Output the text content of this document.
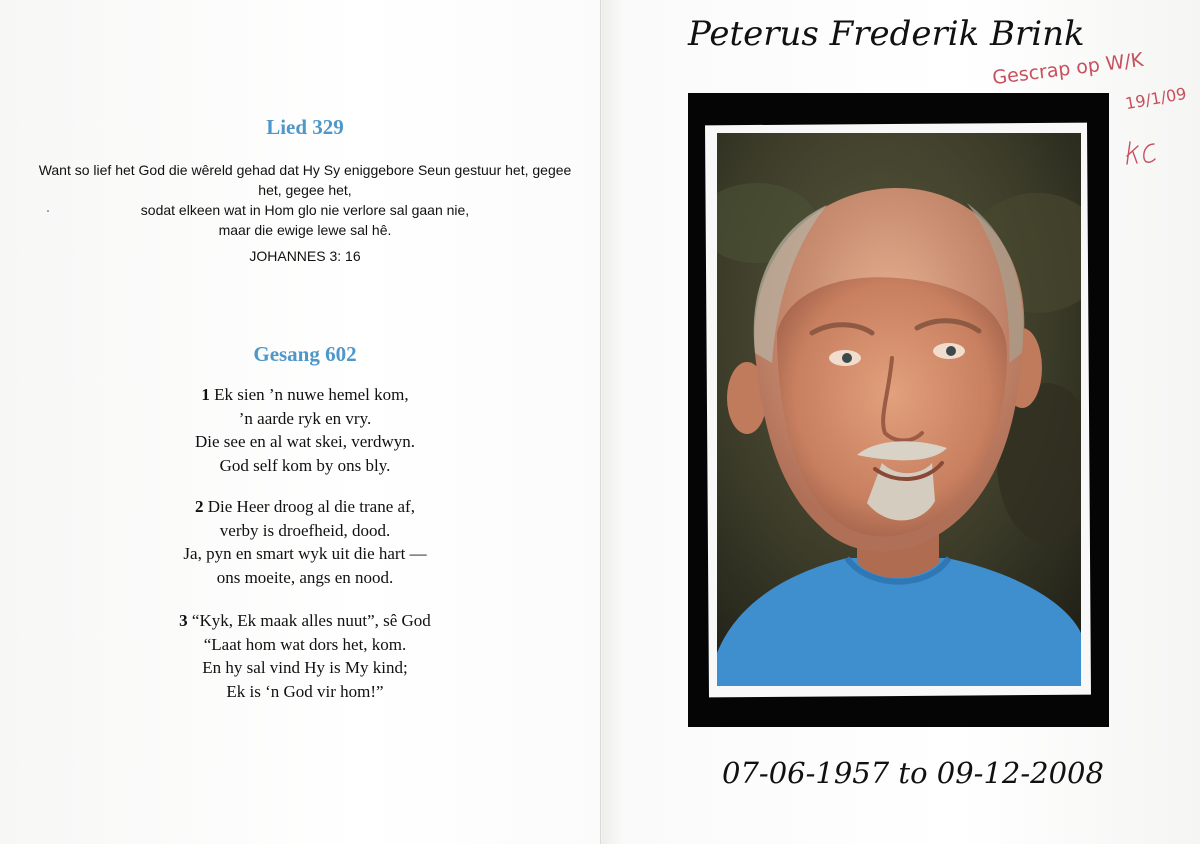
Lied 329
Want so lief het God die wêreld gehad dat Hy Sy eniggebore Seun gestuur het, gegee
het, gegee het,
sodat elkeen wat in Hom glo nie verlore sal gaan nie,
maar die ewige lewe sal hê.
JOHANNES 3: 16
Gesang 602
1 Ek sien ’n nuwe hemel kom,
’n aarde ryk en vry.
Die see en al wat skei, verdwyn.
God self kom by ons bly.
2 Die Heer droog al die trane af,
verby is droefheid, dood.
Ja, pyn en smart wyk uit die hart —
ons moeite, angs en nood.
3 “Kyk, Ek maak alles nuut”, sê God
“Laat hom wat dors het, kom.
En hy sal vind Hy is My kind;
Ek is ‘n God vir hom!”
Peterus Frederik Brink
Gescrap op W/K
19/1/09
07-06-1957 to 09-12-2008
